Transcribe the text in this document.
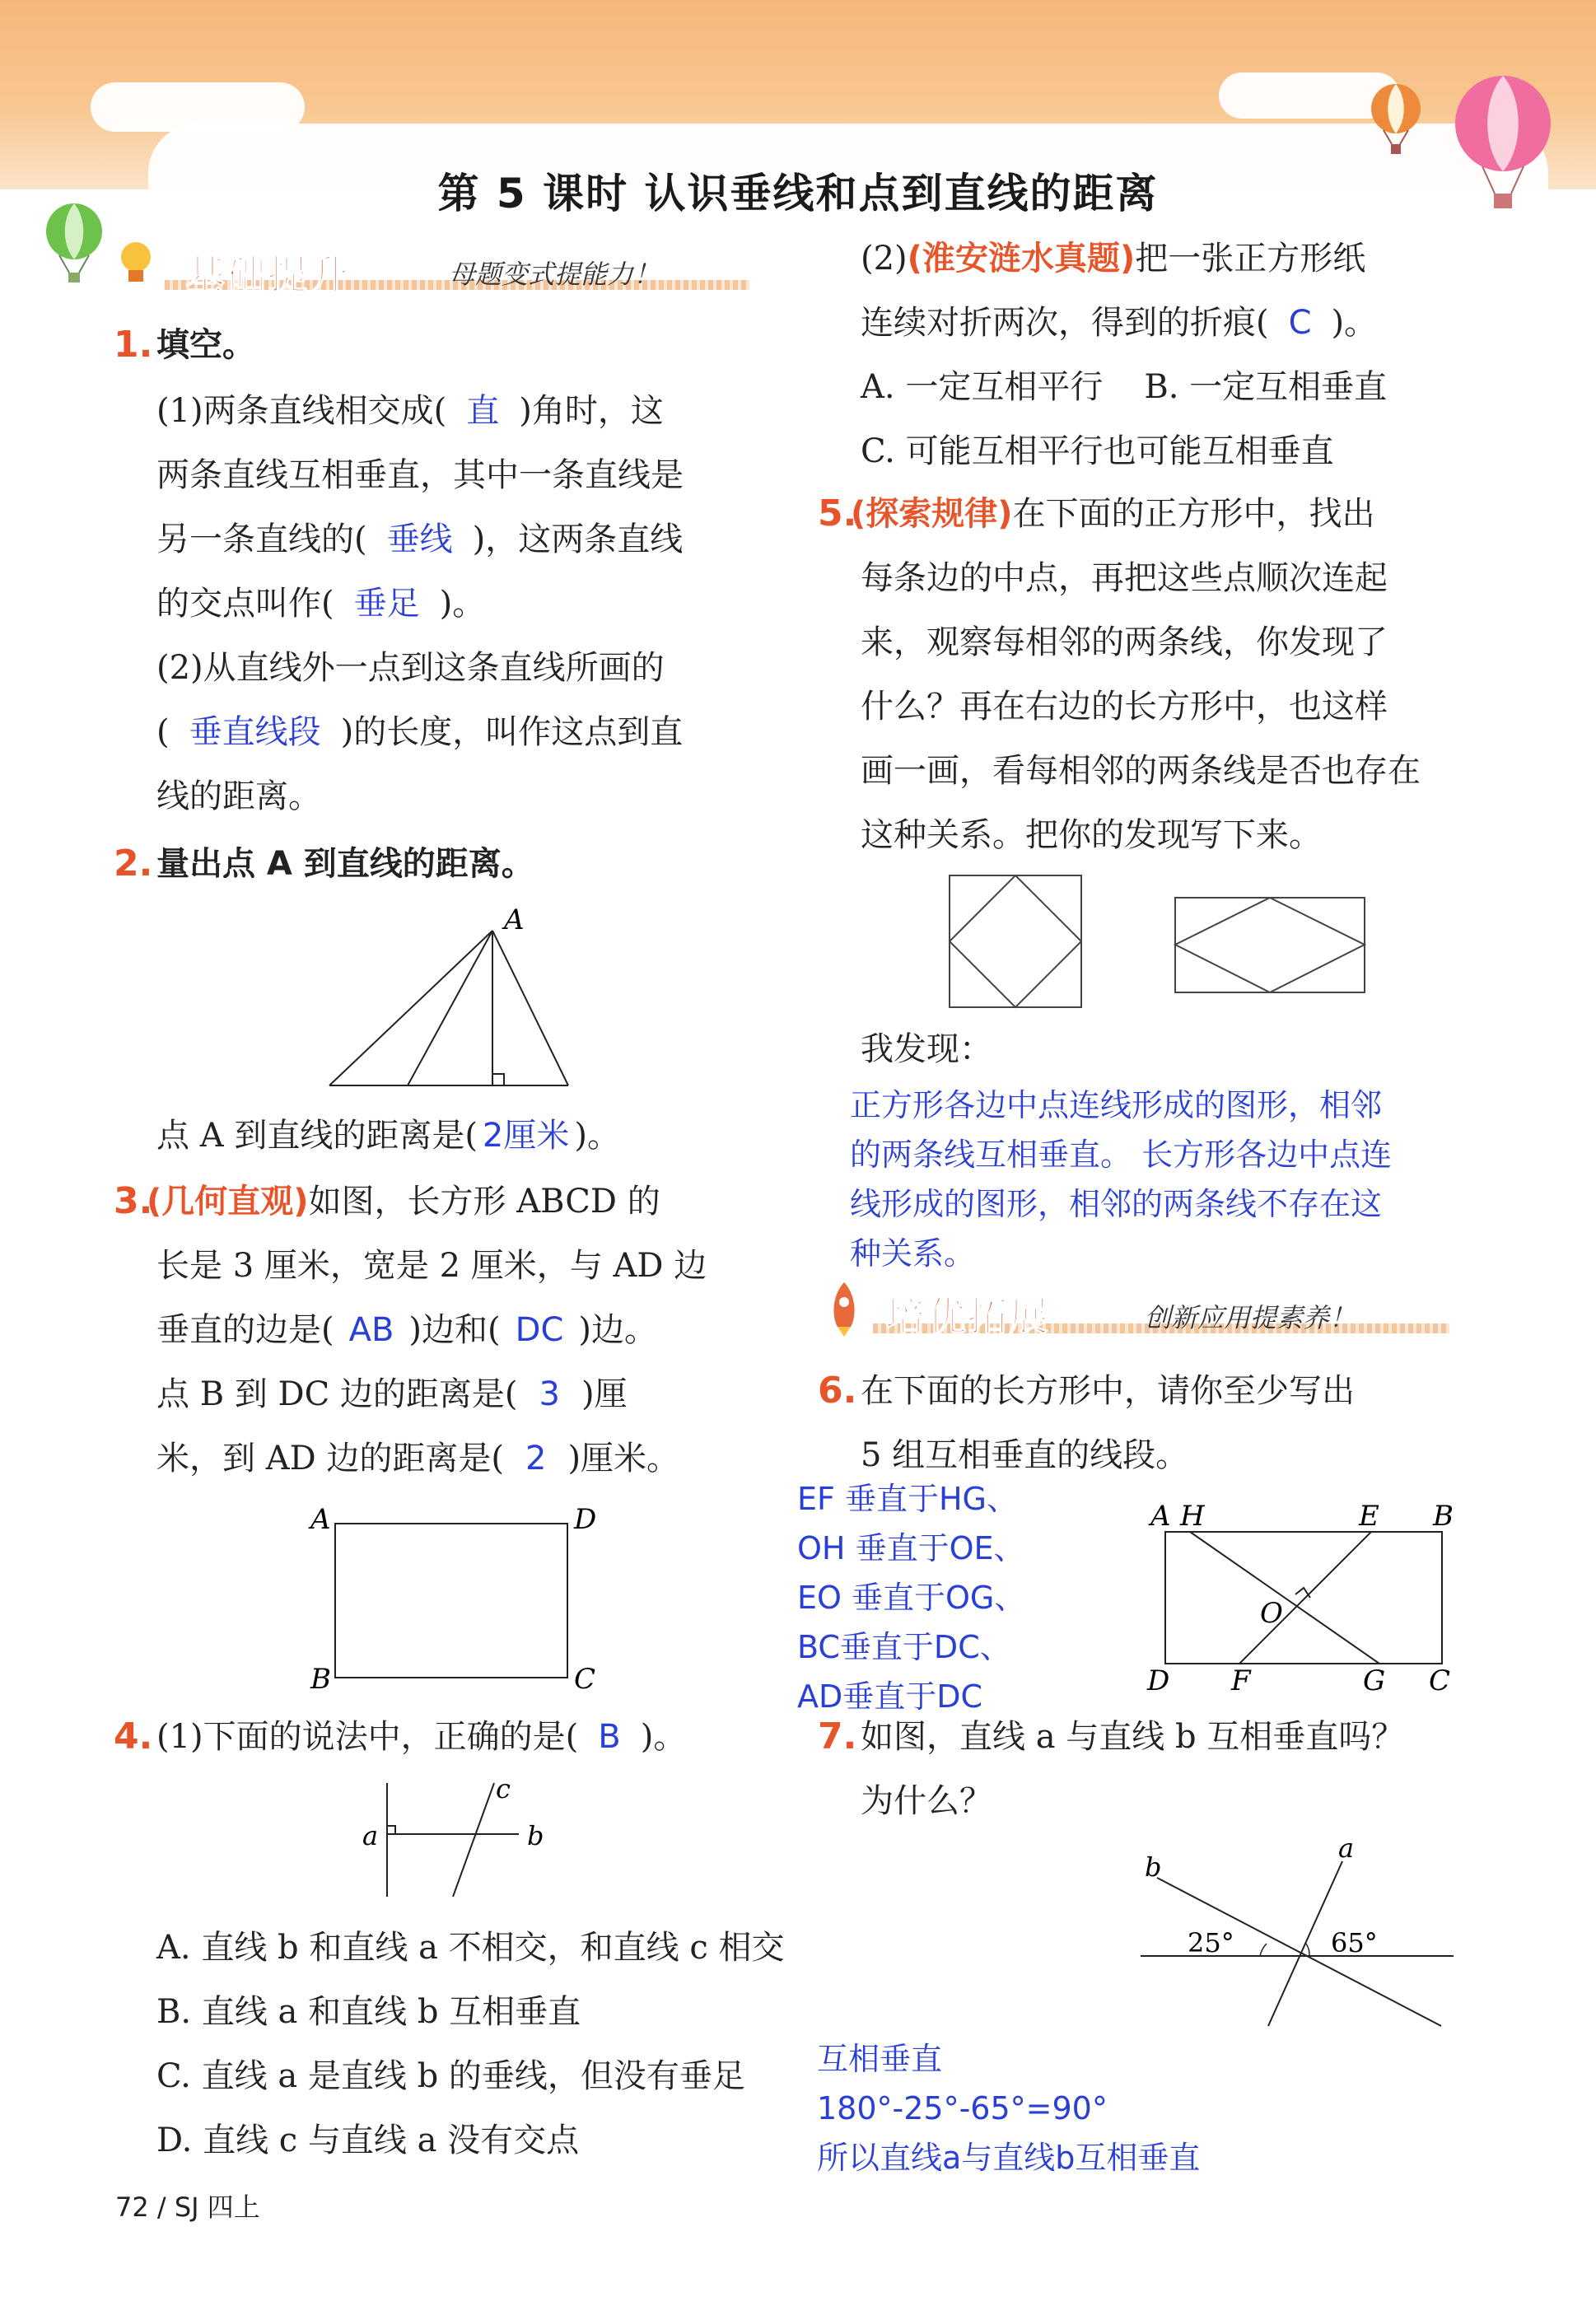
第 5 课时 认识垂线和点到直线的距离
基础提升	母题变式提能力！
1. 填空。
(1)两条直线相交成( 直 )角时，这
两条直线互相垂直，其中一条直线是
另一条直线的( 垂线 )，这两条直线
的交点叫作( 垂足 )。
(2)从直线外一点到这条直线所画的
( 垂直线段 )的长度，叫作这点到直
线的距离。
2. 量出点 A 到直线的距离。
A
点 A 到直线的距离是( 2厘米 )。
3.
(几何直观)如图，长方形 ABCD 的
长是 3 厘米，宽是 2 厘米，与 AD 边
垂直的边是( AB )边和( DC )边。
点 B 到 DC 边的距离是( 3 )厘
米，到 AD 边的距离是( 2 )厘米。
A	D
B	C
4. (1)下面的说法中，正确的是( B )。
a	b
c
A. 直线 b 和直线 a 不相交，和直线 c 相交
B. 直线 a 和直线 b 互相垂直
C. 直线 a 是直线 b 的垂线，但没有垂足
D. 直线 c 与直线 a 没有交点
72 / SJ 四上
(2)(淮安涟水真题)把一张正方形纸
连续对折两次，得到的折痕( C )。
A. 一定互相平行 B. 一定互相垂直
C. 可能互相平行也可能互相垂直
5.
(探索规律)在下面的正方形中，找出
每条边的中点，再把这些点顺次连起
来，观察每相邻的两条线，你发现了
什么？再在右边的长方形中，也这样
画一画，看每相邻的两条线是否也存在
这种关系。把你的发现写下来。
我发现：
正方形各边中点连线形成的图形，相邻
的两条线互相垂直。 长方形各边中点连
线形成的图形，相邻的两条线不存在这
种关系。
培优拓展	创新应用提素养！
6. 在下面的长方形中，请你至少写出
5 组互相垂直的线段。
EF 垂直于HG、
OH 垂直于OE、
EO 垂直于OG、
BC垂直于DC、
AD垂直于DC
A H	E B
O
D F	G C
7. 如图，直线 a 与直线 b 互相垂直吗？
为什么？
b
a
25°	65°
互相垂直
180°-25°-65°=90°
所以直线a与直线b互相垂直
